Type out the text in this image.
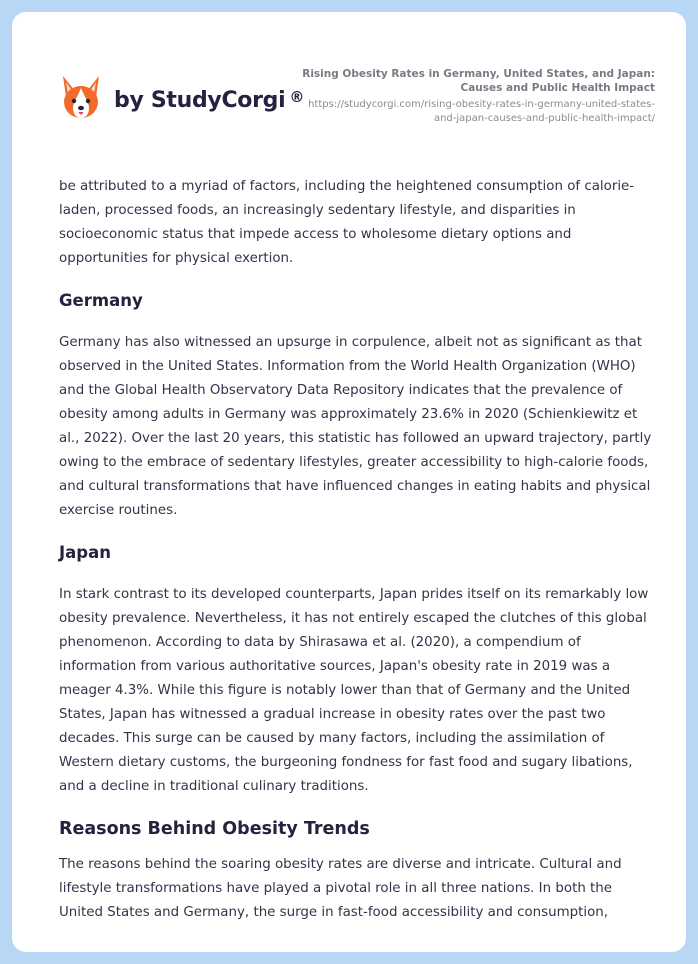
by StudyCorgi ®
Rising Obesity Rates in Germany, United States, and Japan: Causes and Public Health Impact
https://studycorgi.com/rising-obesity-rates-in-germany-united-states-and-japan-causes-and-public-health-impact/

be attributed to a myriad of factors, including the heightened consumption of calorie-laden, processed foods, an increasingly sedentary lifestyle, and disparities in socioeconomic status that impede access to wholesome dietary options and opportunities for physical exertion.

Germany

Germany has also witnessed an upsurge in corpulence, albeit not as significant as that observed in the United States. Information from the World Health Organization (WHO) and the Global Health Observatory Data Repository indicates that the prevalence of obesity among adults in Germany was approximately 23.6% in 2020 (Schienkiewitz et al., 2022). Over the last 20 years, this statistic has followed an upward trajectory, partly owing to the embrace of sedentary lifestyles, greater accessibility to high-calorie foods, and cultural transformations that have influenced changes in eating habits and physical exercise routines.

Japan

In stark contrast to its developed counterparts, Japan prides itself on its remarkably low obesity prevalence. Nevertheless, it has not entirely escaped the clutches of this global phenomenon. According to data by Shirasawa et al. (2020), a compendium of information from various authoritative sources, Japan's obesity rate in 2019 was a meager 4.3%. While this figure is notably lower than that of Germany and the United States, Japan has witnessed a gradual increase in obesity rates over the past two decades. This surge can be caused by many factors, including the assimilation of Western dietary customs, the burgeoning fondness for fast food and sugary libations, and a decline in traditional culinary traditions.

Reasons Behind Obesity Trends

The reasons behind the soaring obesity rates are diverse and intricate. Cultural and lifestyle transformations have played a pivotal role in all three nations. In both the United States and Germany, the surge in fast-food accessibility and consumption,
